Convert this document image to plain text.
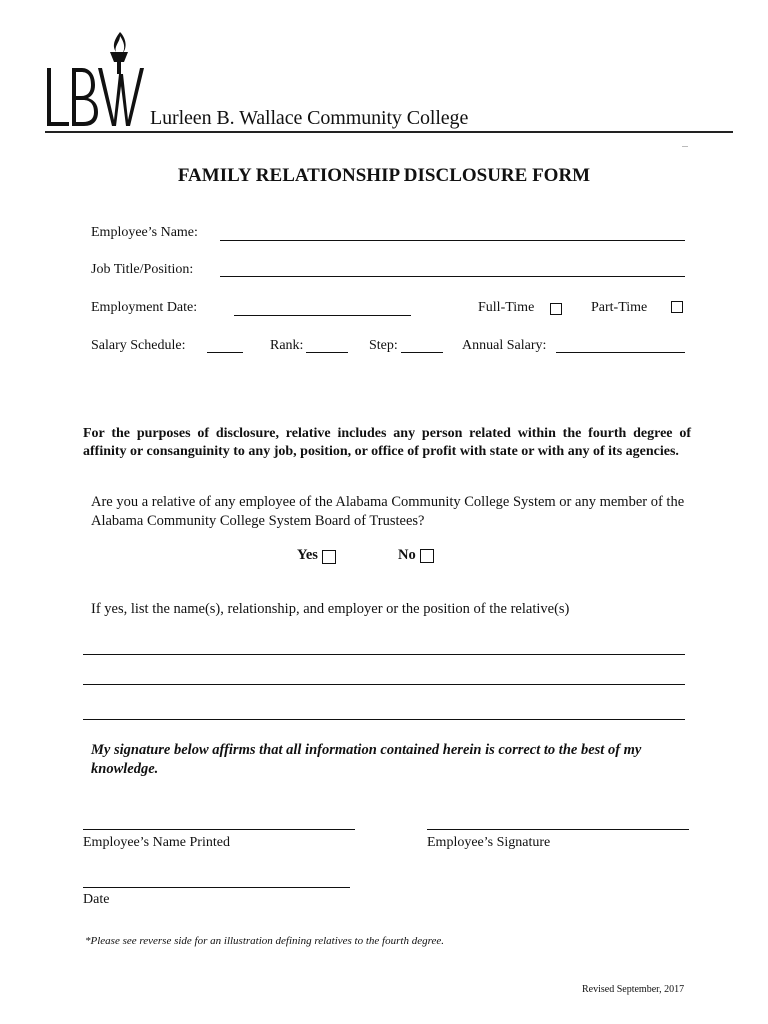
Lurleen B. Wallace Community College
FAMILY RELATIONSHIP DISCLOSURE FORM
Employee’s Name:
Job Title/Position:
Employment Date:	Full-Time	Part-Time
Salary Schedule:	Rank:	Step:	Annual Salary:
For the purposes of disclosure, relative includes any person related within the fourth degree of affinity or consanguinity to any job, position, or office of profit with state or with any of its agencies.
Are you a relative of any employee of the Alabama Community College System or any member of the Alabama Community College System Board of Trustees?
Yes	No
If yes, list the name(s), relationship, and employer or the position of the relative(s)
My signature below affirms that all information contained herein is correct to the best of my knowledge.
Employee’s Name Printed	Employee’s Signature
Date
*Please see reverse side for an illustration defining relatives to the fourth degree.
Revised September, 2017
